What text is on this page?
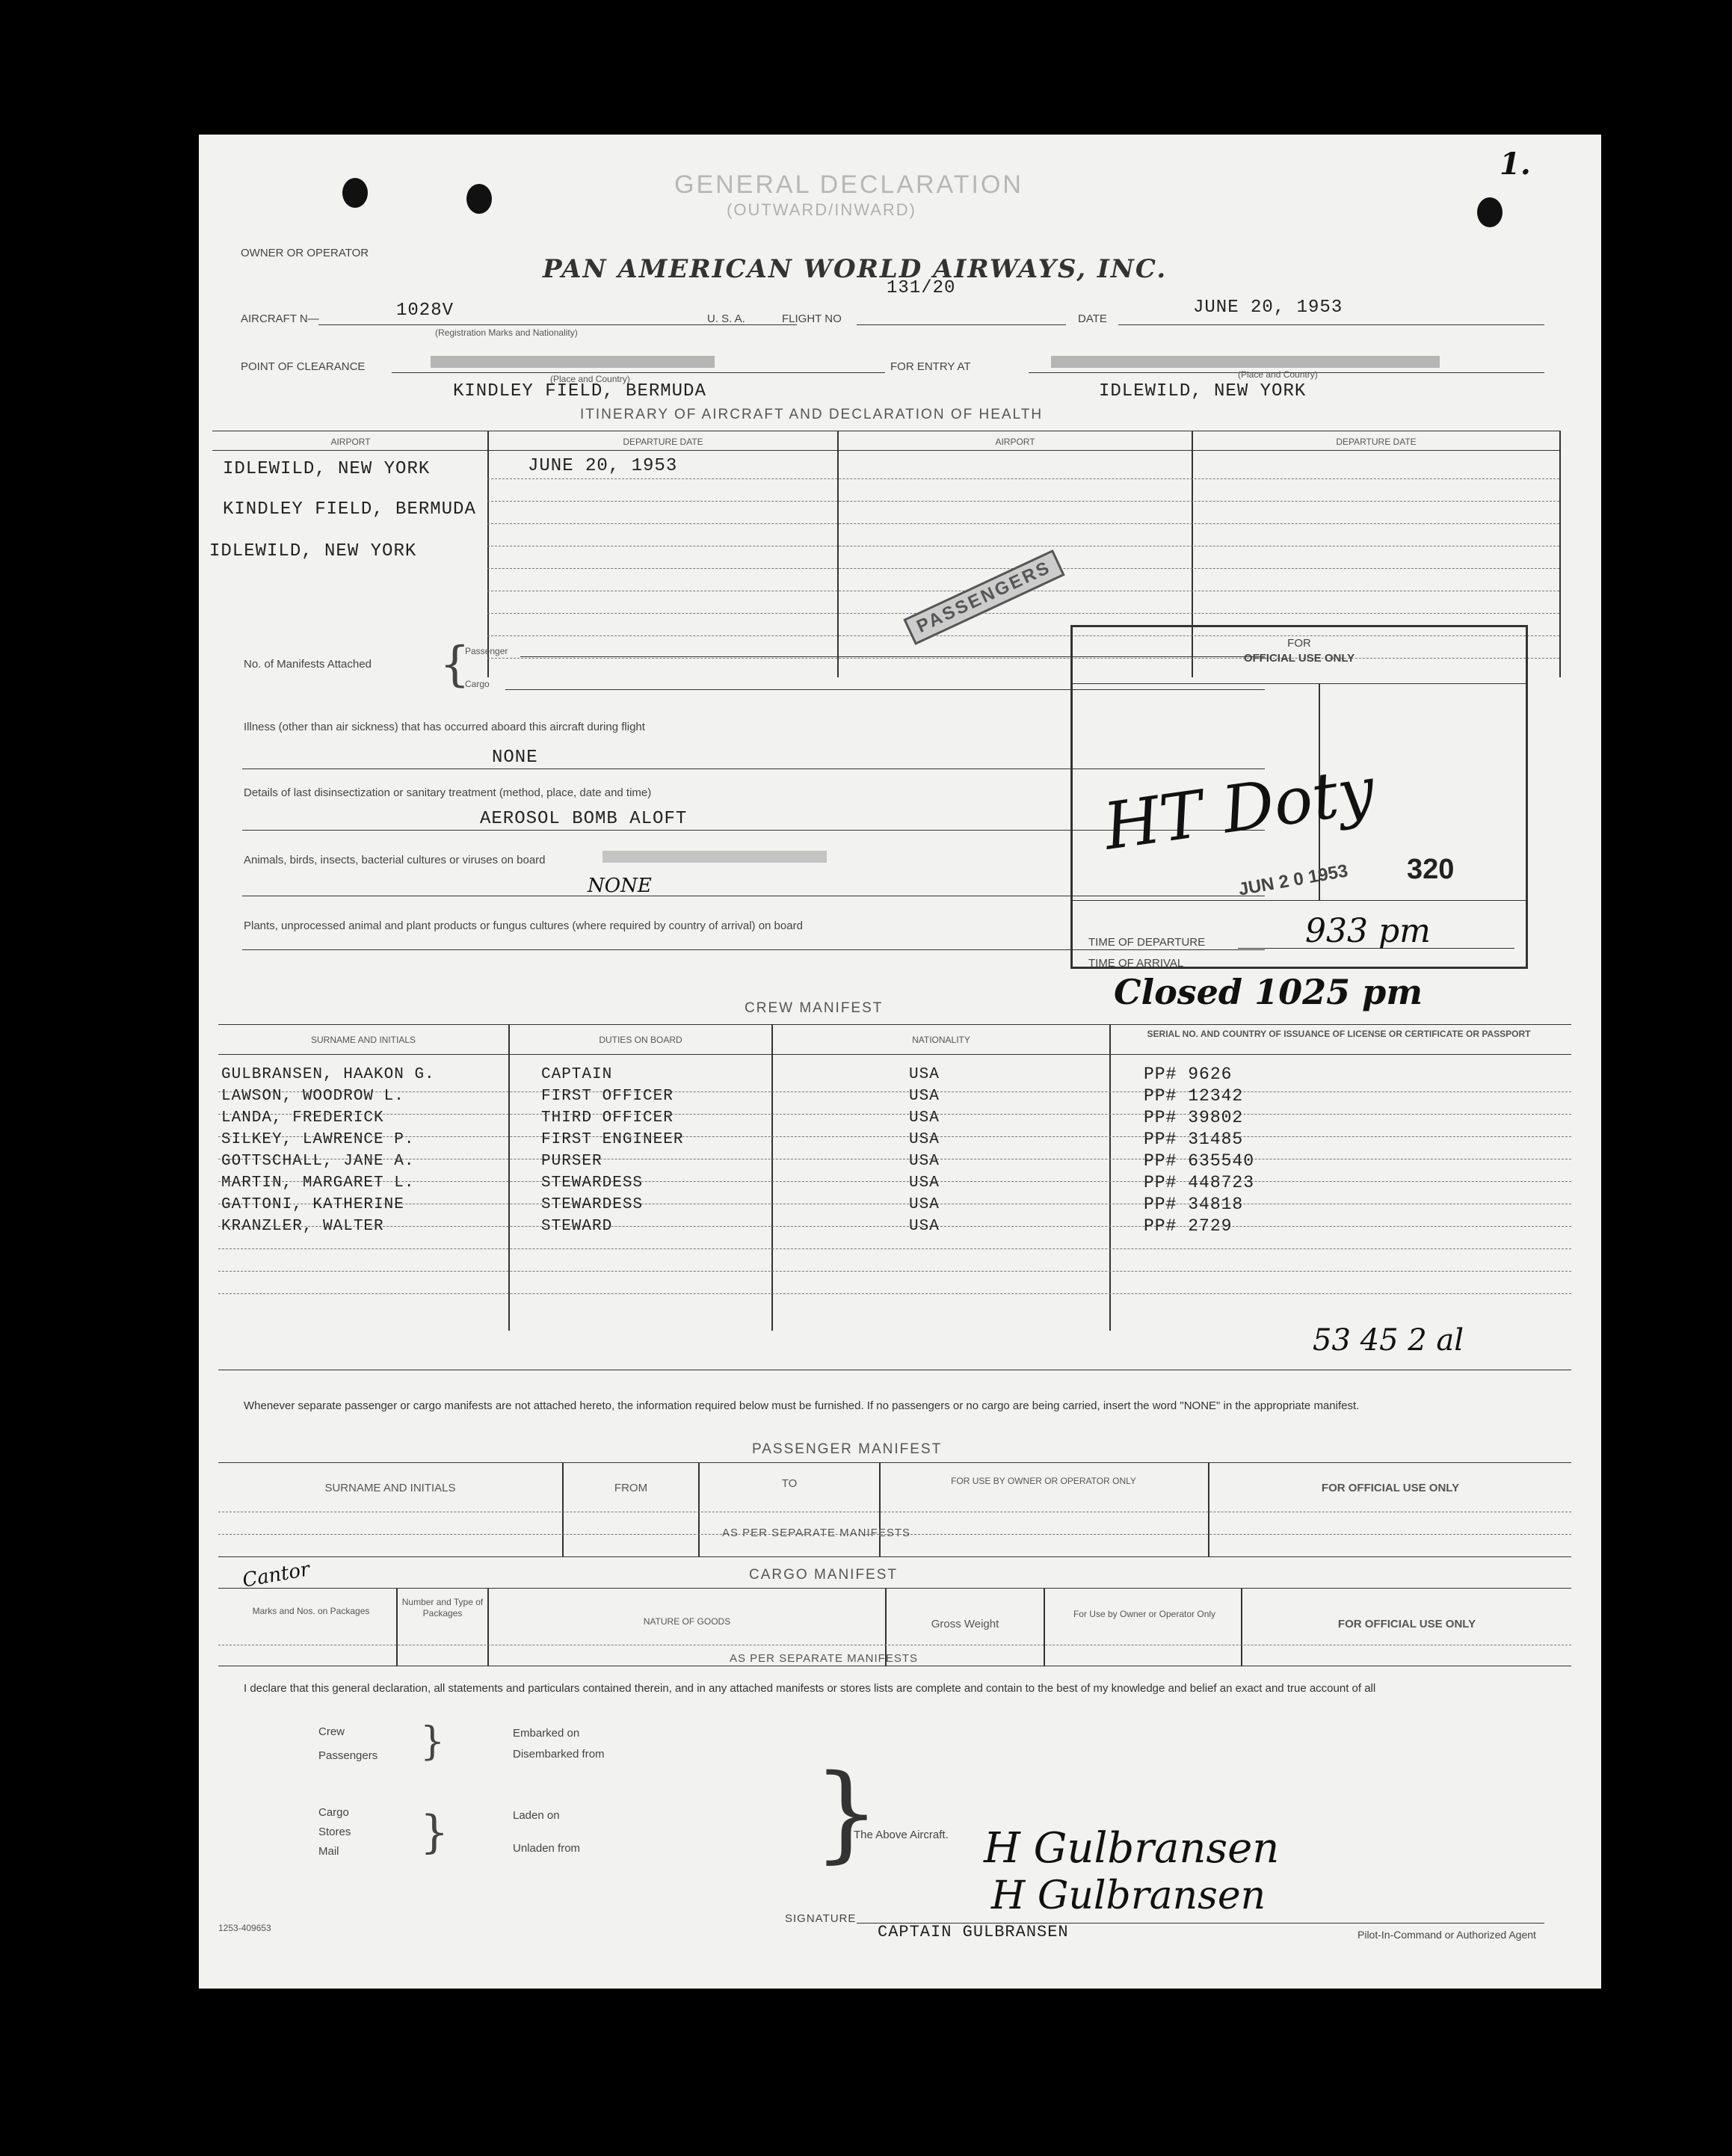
1.
GENERAL DECLARATION
(OUTWARD/INWARD)
OWNER OR OPERATOR
PAN AMERICAN WORLD AIRWAYS, INC.
AIRCRAFT N—	1028V
(Registration Marks and Nationality)
U. S. A.	FLIGHT NO
131/20
DATE
JUNE 20, 1953
POINT OF CLEARANCE
(Place and Country)
KINDLEY FIELD, BERMUDA
FOR ENTRY AT
(Place and Country)
IDLEWILD, NEW YORK
ITINERARY OF AIRCRAFT AND DECLARATION OF HEALTH
AIRPORT	DEPARTURE DATE	AIRPORT	DEPARTURE DATE
IDLEWILD, NEW YORK	JUNE 20, 1953
KINDLEY FIELD, BERMUDA
IDLEWILD, NEW YORK
PASSENGERS
No. of Manifests Attached {
Passenger
Cargo
Illness (other than air sickness) that has occurred aboard this aircraft during flight
NONE
Details of last disinsectization or sanitary treatment (method, place, date and time)
AEROSOL BOMB ALOFT
Animals, birds, insects, bacterial cultures or viruses on board
NONE
Plants, unprocessed animal and plant products or fungus cultures (where required by country of arrival) on board
FOR
OFFICIAL USE ONLY
HT Doty
JUN 2 0 1953 320
TIME OF DEPARTURE
TIME OF ARRIVAL
933 pm
Closed 1025 pm
CREW MANIFEST
SURNAME AND INITIALS	DUTIES ON BOARD	NATIONALITY
SERIAL NO. AND COUNTRY OF ISSUANCE OF LICENSE OR CERTIFICATE OR PASSPORT
GULBRANSEN, HAAKON G.	CAPTAIN	USA	PP# 9626
LAWSON, WOODROW L.	FIRST OFFICER	USA	PP# 12342
LANDA, FREDERICK	THIRD OFFICER	USA	PP# 39802
SILKEY, LAWRENCE P.	FIRST ENGINEER	USA	PP# 31485
GOTTSCHALL, JANE A.	PURSER	USA	PP# 635540
MARTIN, MARGARET L.	STEWARDESS	USA	PP# 448723
GATTONI, KATHERINE	STEWARDESS	USA	PP# 34818
KRANZLER, WALTER	STEWARD	USA	PP# 2729
53 45 2 al
Whenever separate passenger or cargo manifests are not attached hereto, the information required below must be furnished. If no passengers or no cargo are being carried, insert the word "NONE" in the appropriate manifest.
PASSENGER MANIFEST
SURNAME AND INITIALS	FROM	TO	FOR USE BY OWNER OR OPERATOR ONLY
FOR OFFICIAL USE ONLY
AS PER SEPARATE MANIFESTS
Cantor	CARGO MANIFEST
Marks and Nos. on Packages
Number and Type of Packages
NATURE OF GOODS	Gross Weight
For Use by Owner or Operator Only
FOR OFFICIAL USE ONLY
AS PER SEPARATE MANIFESTS
I declare that this general declaration, all statements and particulars contained therein, and in any attached manifests or stores lists are complete and contain to the best of my knowledge and belief an exact and true account of all
Crew
Passengers }	Embarked on
Disembarked from
Cargo
Stores
Mail }	Laden on
Unladen from }
The Above Aircraft. H Gulbransen
H Gulbransen
SIGNATURE
CAPTAIN GULBRANSEN	Pilot-In-Command or Authorized Agent
1253-409653
